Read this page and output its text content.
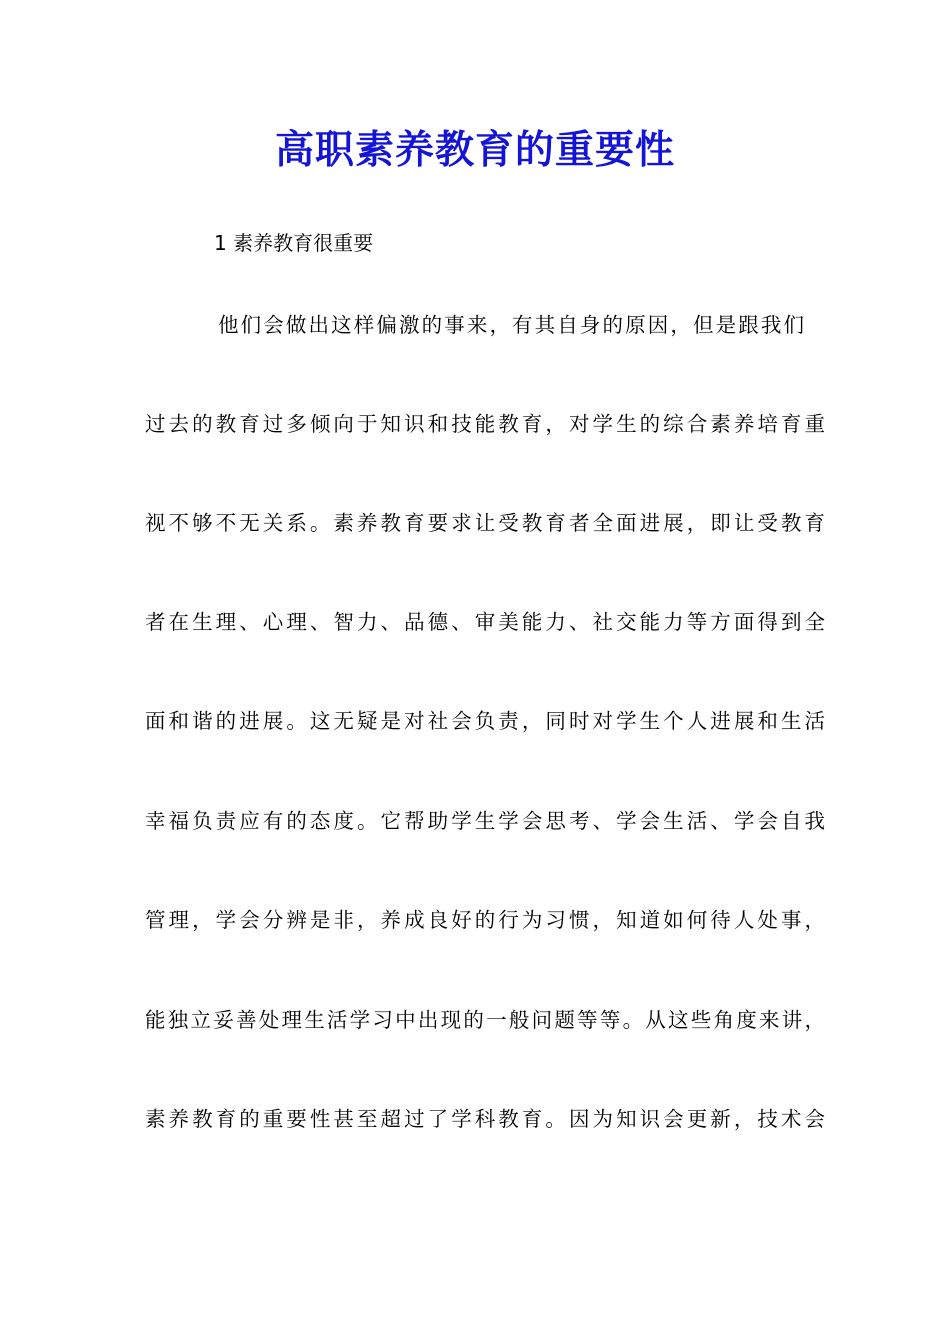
高职素养教育的重要性

1 素养教育很重要

他们会做出这样偏激的事来，有其自身的原因，但是跟我们

过去的教育过多倾向于知识和技能教育，对学生的综合素养培育重

视不够不无关系。素养教育要求让受教育者全面进展，即让受教育

者在生理、心理、智力、品德、审美能力、社交能力等方面得到全

面和谐的进展。这无疑是对社会负责，同时对学生个人进展和生活

幸福负责应有的态度。它帮助学生学会思考、学会生活、学会自我

管理，学会分辨是非，养成良好的行为习惯，知道如何待人处事，

能独立妥善处理生活学习中出现的一般问题等等。从这些角度来讲，

素养教育的重要性甚至超过了学科教育。因为知识会更新，技术会
